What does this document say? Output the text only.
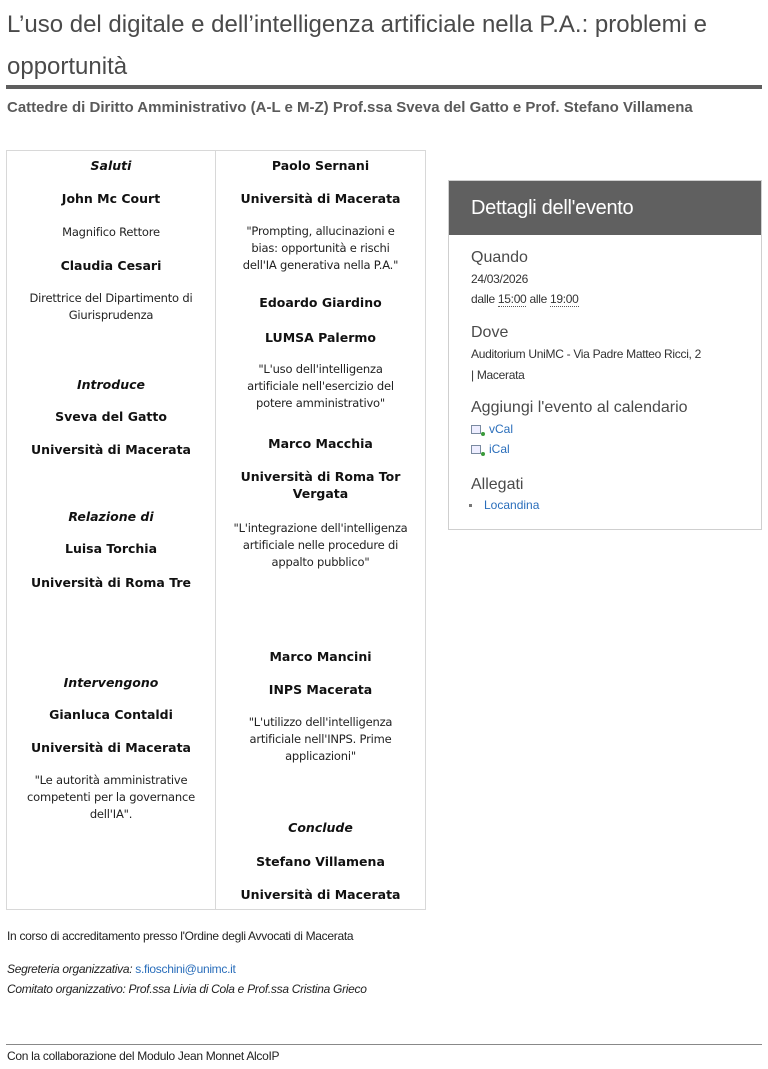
L’uso del digitale e dell’intelligenza artificiale nella P.A.: problemi e opportunità
Cattedre di Diritto Amministrativo (A-L e M-Z) Prof.ssa Sveva del Gatto e Prof. Stefano Villamena
Saluti
John Mc Court
Magnifico Rettore
Claudia Cesari
Direttrice del Dipartimento di Giurisprudenza
Introduce
Sveva del Gatto
Università di Macerata
Relazione di
Luisa Torchia
Università di Roma Tre
Intervengono
Gianluca Contaldi
Università di Macerata
"Le autorità amministrative competenti per la governance dell'IA".
Paolo Sernani
Università di Macerata
"Prompting, allucinazioni e bias: opportunità e rischi dell'IA generativa nella P.A."
Edoardo Giardino
LUMSA Palermo
"L'uso dell'intelligenza artificiale nell'esercizio del potere amministrativo"
Marco Macchia
Università di Roma Tor Vergata
"L'integrazione dell'intelligenza artificiale nelle procedure di appalto pubblico"
Marco Mancini
INPS Macerata
"L'utilizzo dell'intelligenza artificiale nell'INPS. Prime applicazioni"
Conclude
Stefano Villamena
Università di Macerata
Dettagli dell'evento
Quando
24/03/2026
dalle 15:00 alle 19:00
Dove
Auditorium UniMC - Via Padre Matteo Ricci, 2
| Macerata
Aggiungi l'evento al calendario
vCal
iCal
Allegati
Locandina
In corso di accreditamento presso l'Ordine degli Avvocati di Macerata
Segreteria organizzativa: s.fioschini@unimc.it
Comitato organizzativo: Prof.ssa Livia di Cola e Prof.ssa Cristina Grieco
Con la collaborazione del Modulo Jean Monnet AlcoIP
